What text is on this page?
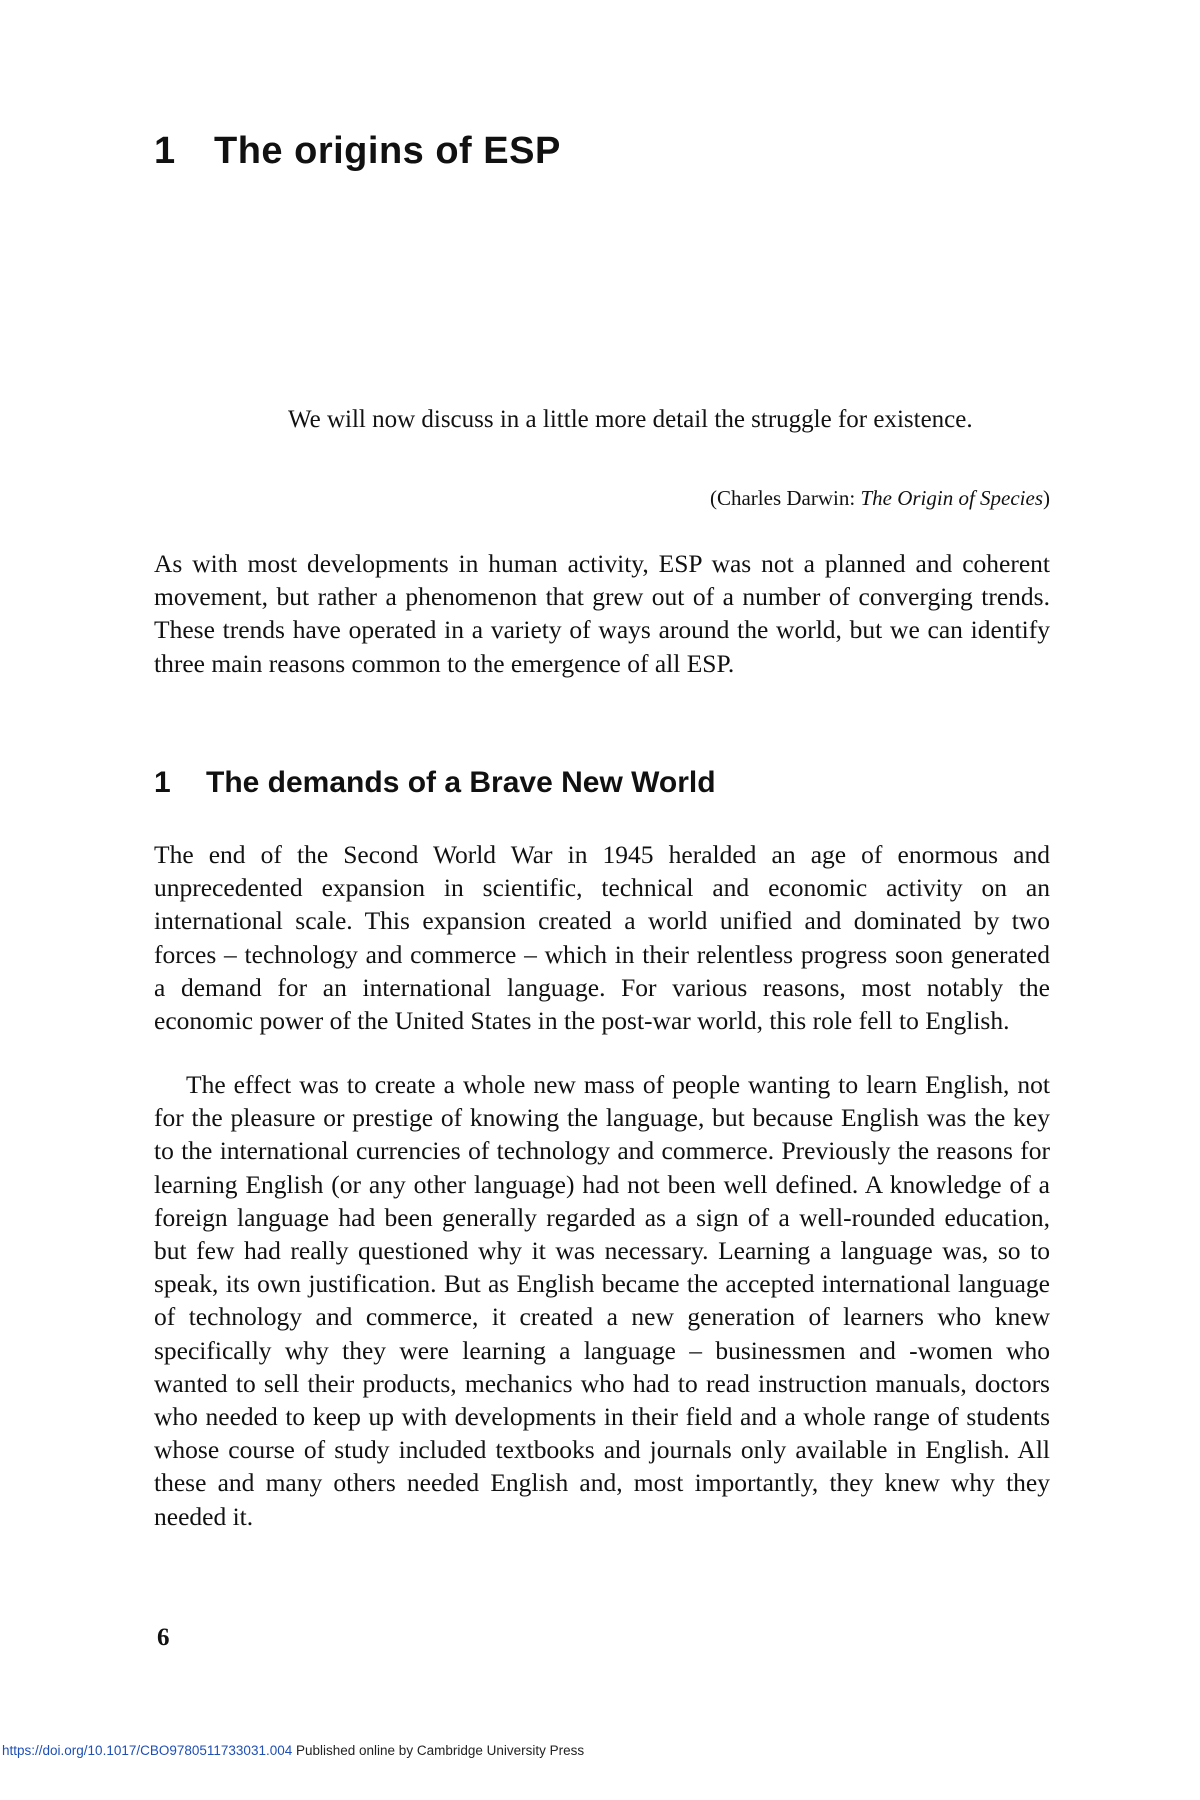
1 The origins of ESP

We will now discuss in a little more detail the struggle for existence.

(Charles Darwin: The Origin of Species)

As with most developments in human activity, ESP was not a planned and coherent movement, but rather a phenomenon that grew out of a number of converging trends. These trends have operated in a variety of ways around the world, but we can identify three main reasons common to the emergence of all ESP.

1 The demands of a Brave New World

The end of the Second World War in 1945 heralded an age of enormous and unprecedented expansion in scientific, technical and economic activity on an international scale. This expansion created a world unified and dominated by two forces – technology and commerce – which in their relentless progress soon generated a demand for an international language. For various reasons, most notably the economic power of the United States in the post-war world, this role fell to English.

The effect was to create a whole new mass of people wanting to learn English, not for the pleasure or prestige of knowing the language, but because English was the key to the international currencies of technology and commerce. Previously the reasons for learning English (or any other language) had not been well defined. A knowledge of a foreign language had been generally regarded as a sign of a well-rounded education, but few had really questioned why it was necessary. Learning a language was, so to speak, its own justification. But as English became the accepted international language of technology and commerce, it created a new generation of learners who knew specifically why they were learning a language – businessmen and -women who wanted to sell their products, mechanics who had to read instruction manuals, doctors who needed to keep up with developments in their field and a whole range of students whose course of study included textbooks and journals only available in English. All these and many others needed English and, most importantly, they knew why they needed it.

6

https://doi.org/10.1017/CBO9780511733031.004 Published online by Cambridge University Press
